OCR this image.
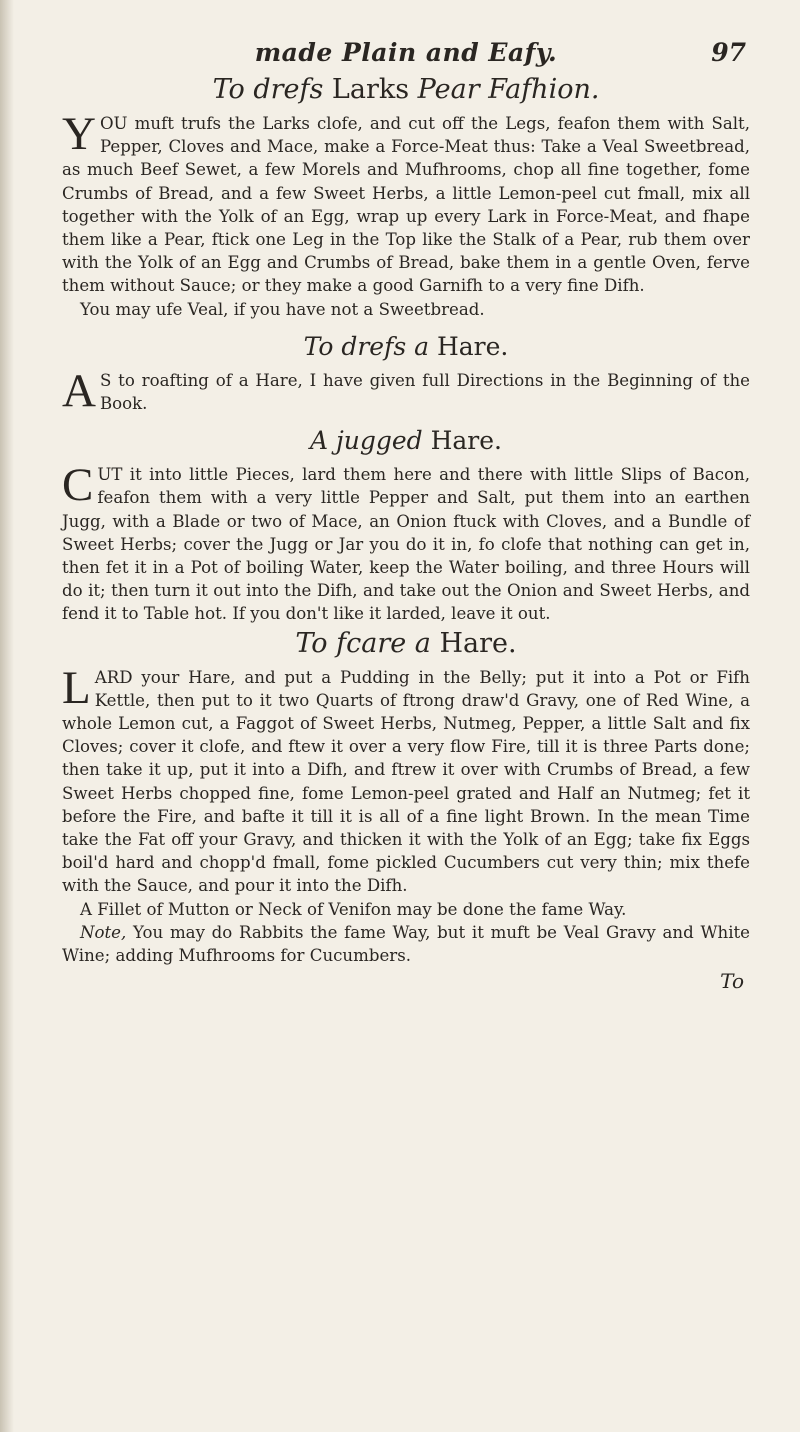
made Plain and Eafy.	97
To drefs Larks Pear Fafhion.

YOU muft trufs the Larks clofe, and cut off the Legs, feafon them with Salt, Pepper, Cloves and Mace, make a Force-Meat thus: Take a Veal Sweetbread, as much Beef Sewet, a few Morels and Mufhrooms, chop all fine together, fome Crumbs of Bread, and a few Sweet Herbs, a little Lemon-peel cut fmall, mix all together with the Yolk of an Egg, wrap up every Lark in Force-Meat, and fhape them like a Pear, ftick one Leg in the Top like the Stalk of a Pear, rub them over with the Yolk of an Egg and Crumbs of Bread, bake them in a gentle Oven, ferve them without Sauce; or they make a good Garnifh to a very fine Difh.

You may ufe Veal, if you have not a Sweetbread.

To drefs a Hare.

AS to roafting of a Hare, I have given full Directions in the Beginning of the Book.

A jugged Hare.

CUT it into little Pieces, lard them here and there with little Slips of Bacon, feafon them with a very little Pepper and Salt, put them into an earthen Jugg, with a Blade or two of Mace, an Onion ftuck with Cloves, and a Bundle of Sweet Herbs; cover the Jugg or Jar you do it in, fo clofe that nothing can get in, then fet it in a Pot of boiling Water, keep the Water boiling, and three Hours will do it; then turn it out into the Difh, and take out the Onion and Sweet Herbs, and fend it to Table hot. If you don't like it larded, leave it out.

To fcare a Hare.

LARD your Hare, and put a Pudding in the Belly; put it into a Pot or Fifh Kettle, then put to it two Quarts of ftrong draw'd Gravy, one of Red Wine, a whole Lemon cut, a Faggot of Sweet Herbs, Nutmeg, Pepper, a little Salt and fix Cloves; cover it clofe, and ftew it over a very flow Fire, till it is three Parts done; then take it up, put it into a Difh, and ftrew it over with Crumbs of Bread, a few Sweet Herbs chopped fine, fome Lemon-peel grated and Half an Nutmeg; fet it before the Fire, and bafte it till it is all of a fine light Brown. In the mean Time take the Fat off your Gravy, and thicken it with the Yolk of an Egg; take fix Eggs boil'd hard and chopp'd fmall, fome pickled Cucumbers cut very thin; mix thefe with the Sauce, and pour it into the Difh.

A Fillet of Mutton or Neck of Venifon may be done the fame Way.

Note, You may do Rabbits the fame Way, but it muft be Veal Gravy and White Wine; adding Mufhrooms for Cucumbers.

To
